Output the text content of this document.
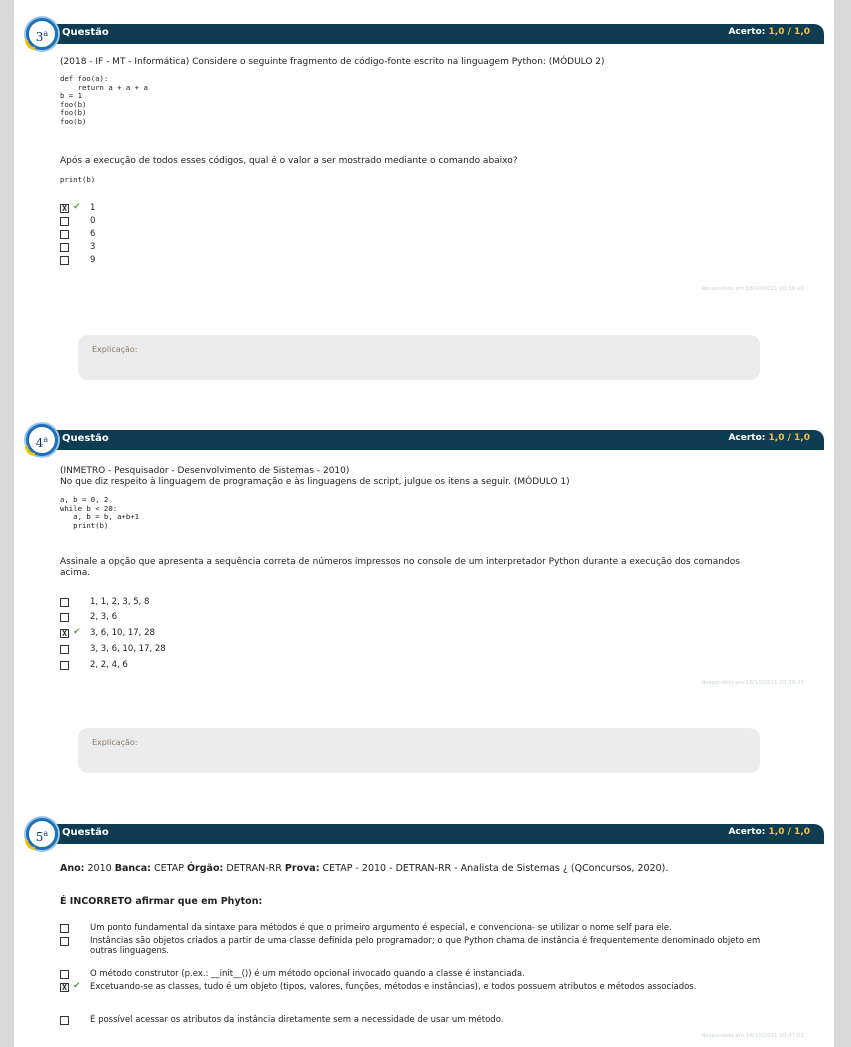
Questão	Acerto: 1,0 / 1,0
3$^a$
(2018 - IF - MT - Informática) Considere o seguinte fragmento de código-fonte escrito na linguagem Python: (MÓDULO 2)
def foo(a):
return a + a + a
b = 1
foo(b)
foo(b)
foo(b)
Após a execução de todos esses códigos, qual é o valor a ser mostrado mediante o comando abaixo?
print(b)
X ✔ 1
0
6
3
9
Respondido em 18/10/2021 20:39:10
Explicação:
Questão	Acerto: 1,0 / 1,0
4$^a$
(INMETRO - Pesquisador - Desenvolvimento de Sistemas - 2010)
No que diz respeito à linguagem de programação e às linguagens de script, julgue os itens a seguir. (MÓDULO 1)
a, b = 0, 2
while b < 20:
a, b = b, a+b+1
print(b)
Assinale a opção que apresenta a sequência correta de números impressos no console de um interpretador Python durante a execução dos comandos acima.
1, 1, 2, 3, 5, 8
2, 3, 6
X ✔ 3, 6, 10, 17, 28
3, 3, 6, 10, 17, 28
2, 2, 4, 6
Respondido em 18/10/2021 20:39:25
Explicação:
Questão	Acerto: 1,0 / 1,0
5$^a$
Ano: 2010 Banca: CETAP Órgão: DETRAN-RR Prova: CETAP - 2010 - DETRAN-RR - Analista de Sistemas ¿ (QConcursos, 2020).
É INCORRETO afirmar que em Phyton:
Um ponto fundamental da sintaxe para métodos é que o primeiro argumento é especial, e convenciona- se utilizar o nome self para ele.
Instâncias são objetos criados a partir de uma classe definida pelo programador; o que Python chama de instância é frequentemente denominado objeto em outras linguagens.
O método construtor (p.ex.: __init__()) é um método opcional invocado quando a classe é instanciada.
X ✔ Excetuando-se as classes, tudo é um objeto (tipos, valores, funções, métodos e instâncias), e todos possuem atributos e métodos associados.
É possível acessar os atributos da instância diretamente sem a necessidade de usar um método.
Respondido em 18/10/2021 20:47:02
